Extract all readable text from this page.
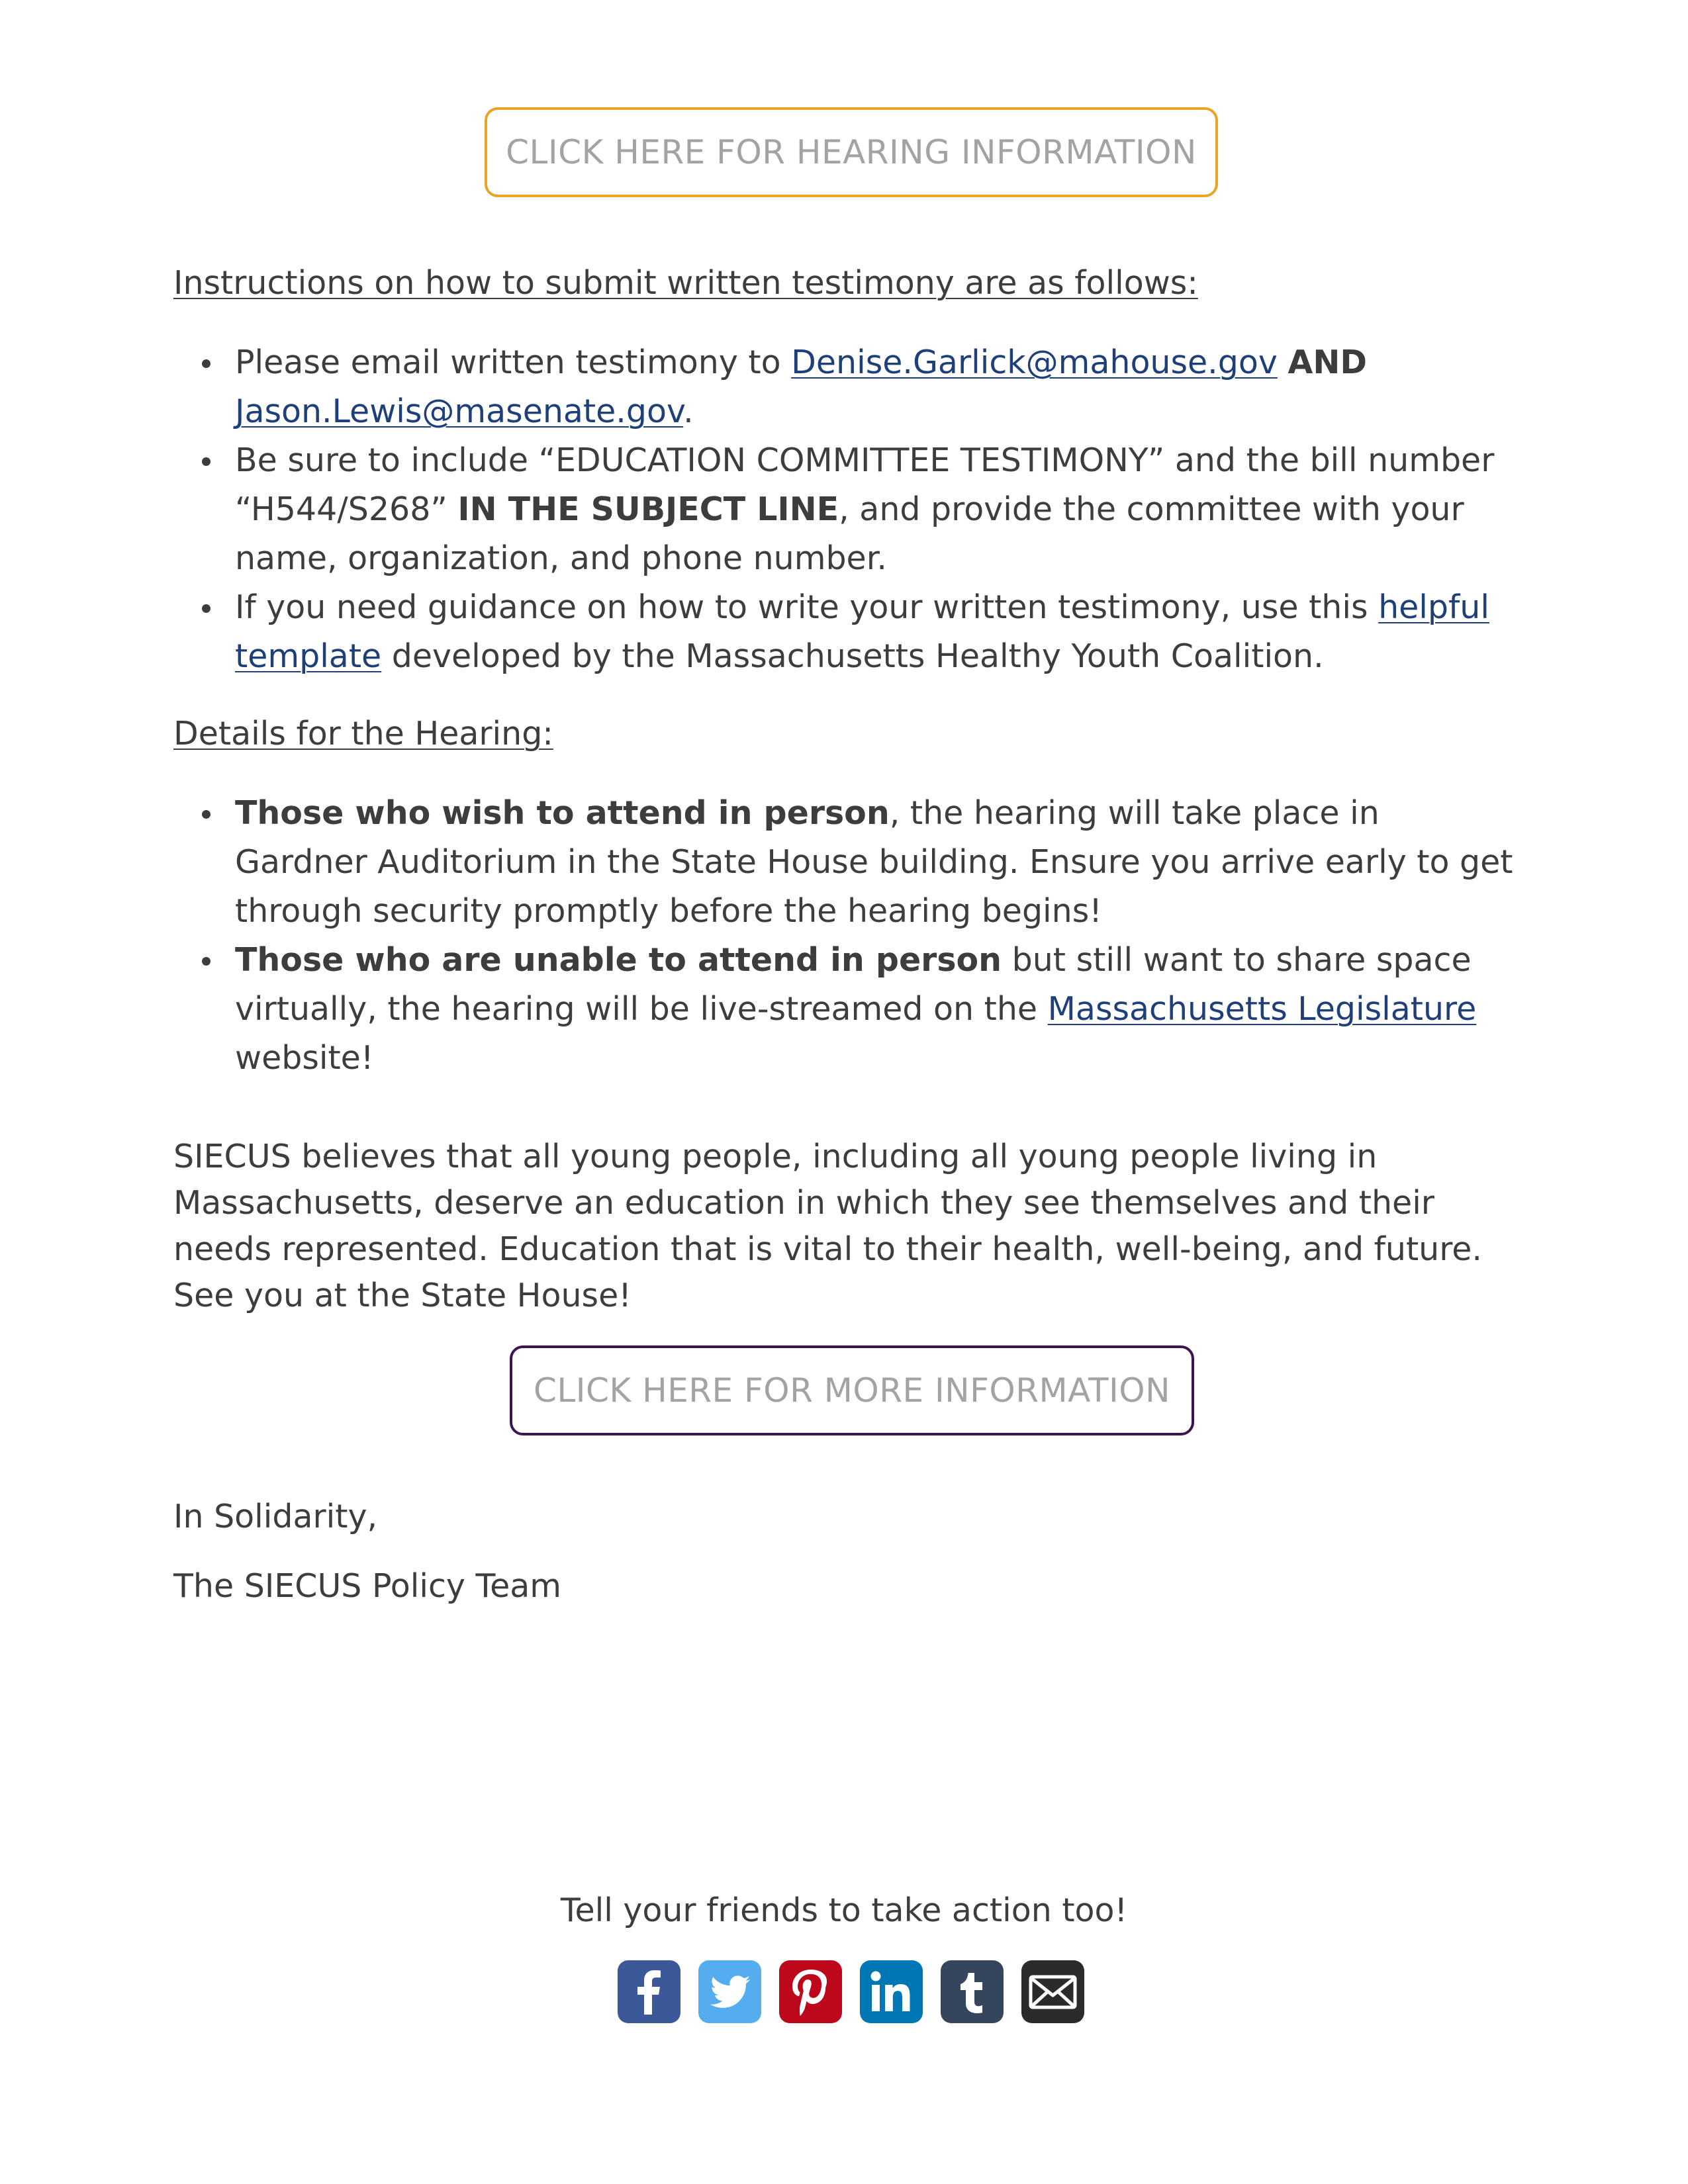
CLICK HERE FOR HEARING INFORMATION
Instructions on how to submit written testimony are as follows:
Please email written testimony to Denise.Garlick@mahouse.gov AND
Jason.Lewis@masenate.gov.
Be sure to include “EDUCATION COMMITTEE TESTIMONY” and the bill number “H544/S268” IN THE SUBJECT LINE, and provide the committee with your name, organization, and phone number.
If you need guidance on how to write your written testimony, use this helpful template developed by the Massachusetts Healthy Youth Coalition.
Details for the Hearing:
Those who wish to attend in person, the hearing will take place in Gardner Auditorium in the State House building. Ensure you arrive early to get through security promptly before the hearing begins!
Those who are unable to attend in person but still want to share space virtually, the hearing will be live-streamed on the Massachusetts Legislature website!
SIECUS believes that all young people, including all young people living in Massachusetts, deserve an education in which they see themselves and their needs represented. Education that is vital to their health, well-being, and future. See you at the State House!
CLICK HERE FOR MORE INFORMATION
In Solidarity,
The SIECUS Policy Team
Tell your friends to take action too!
